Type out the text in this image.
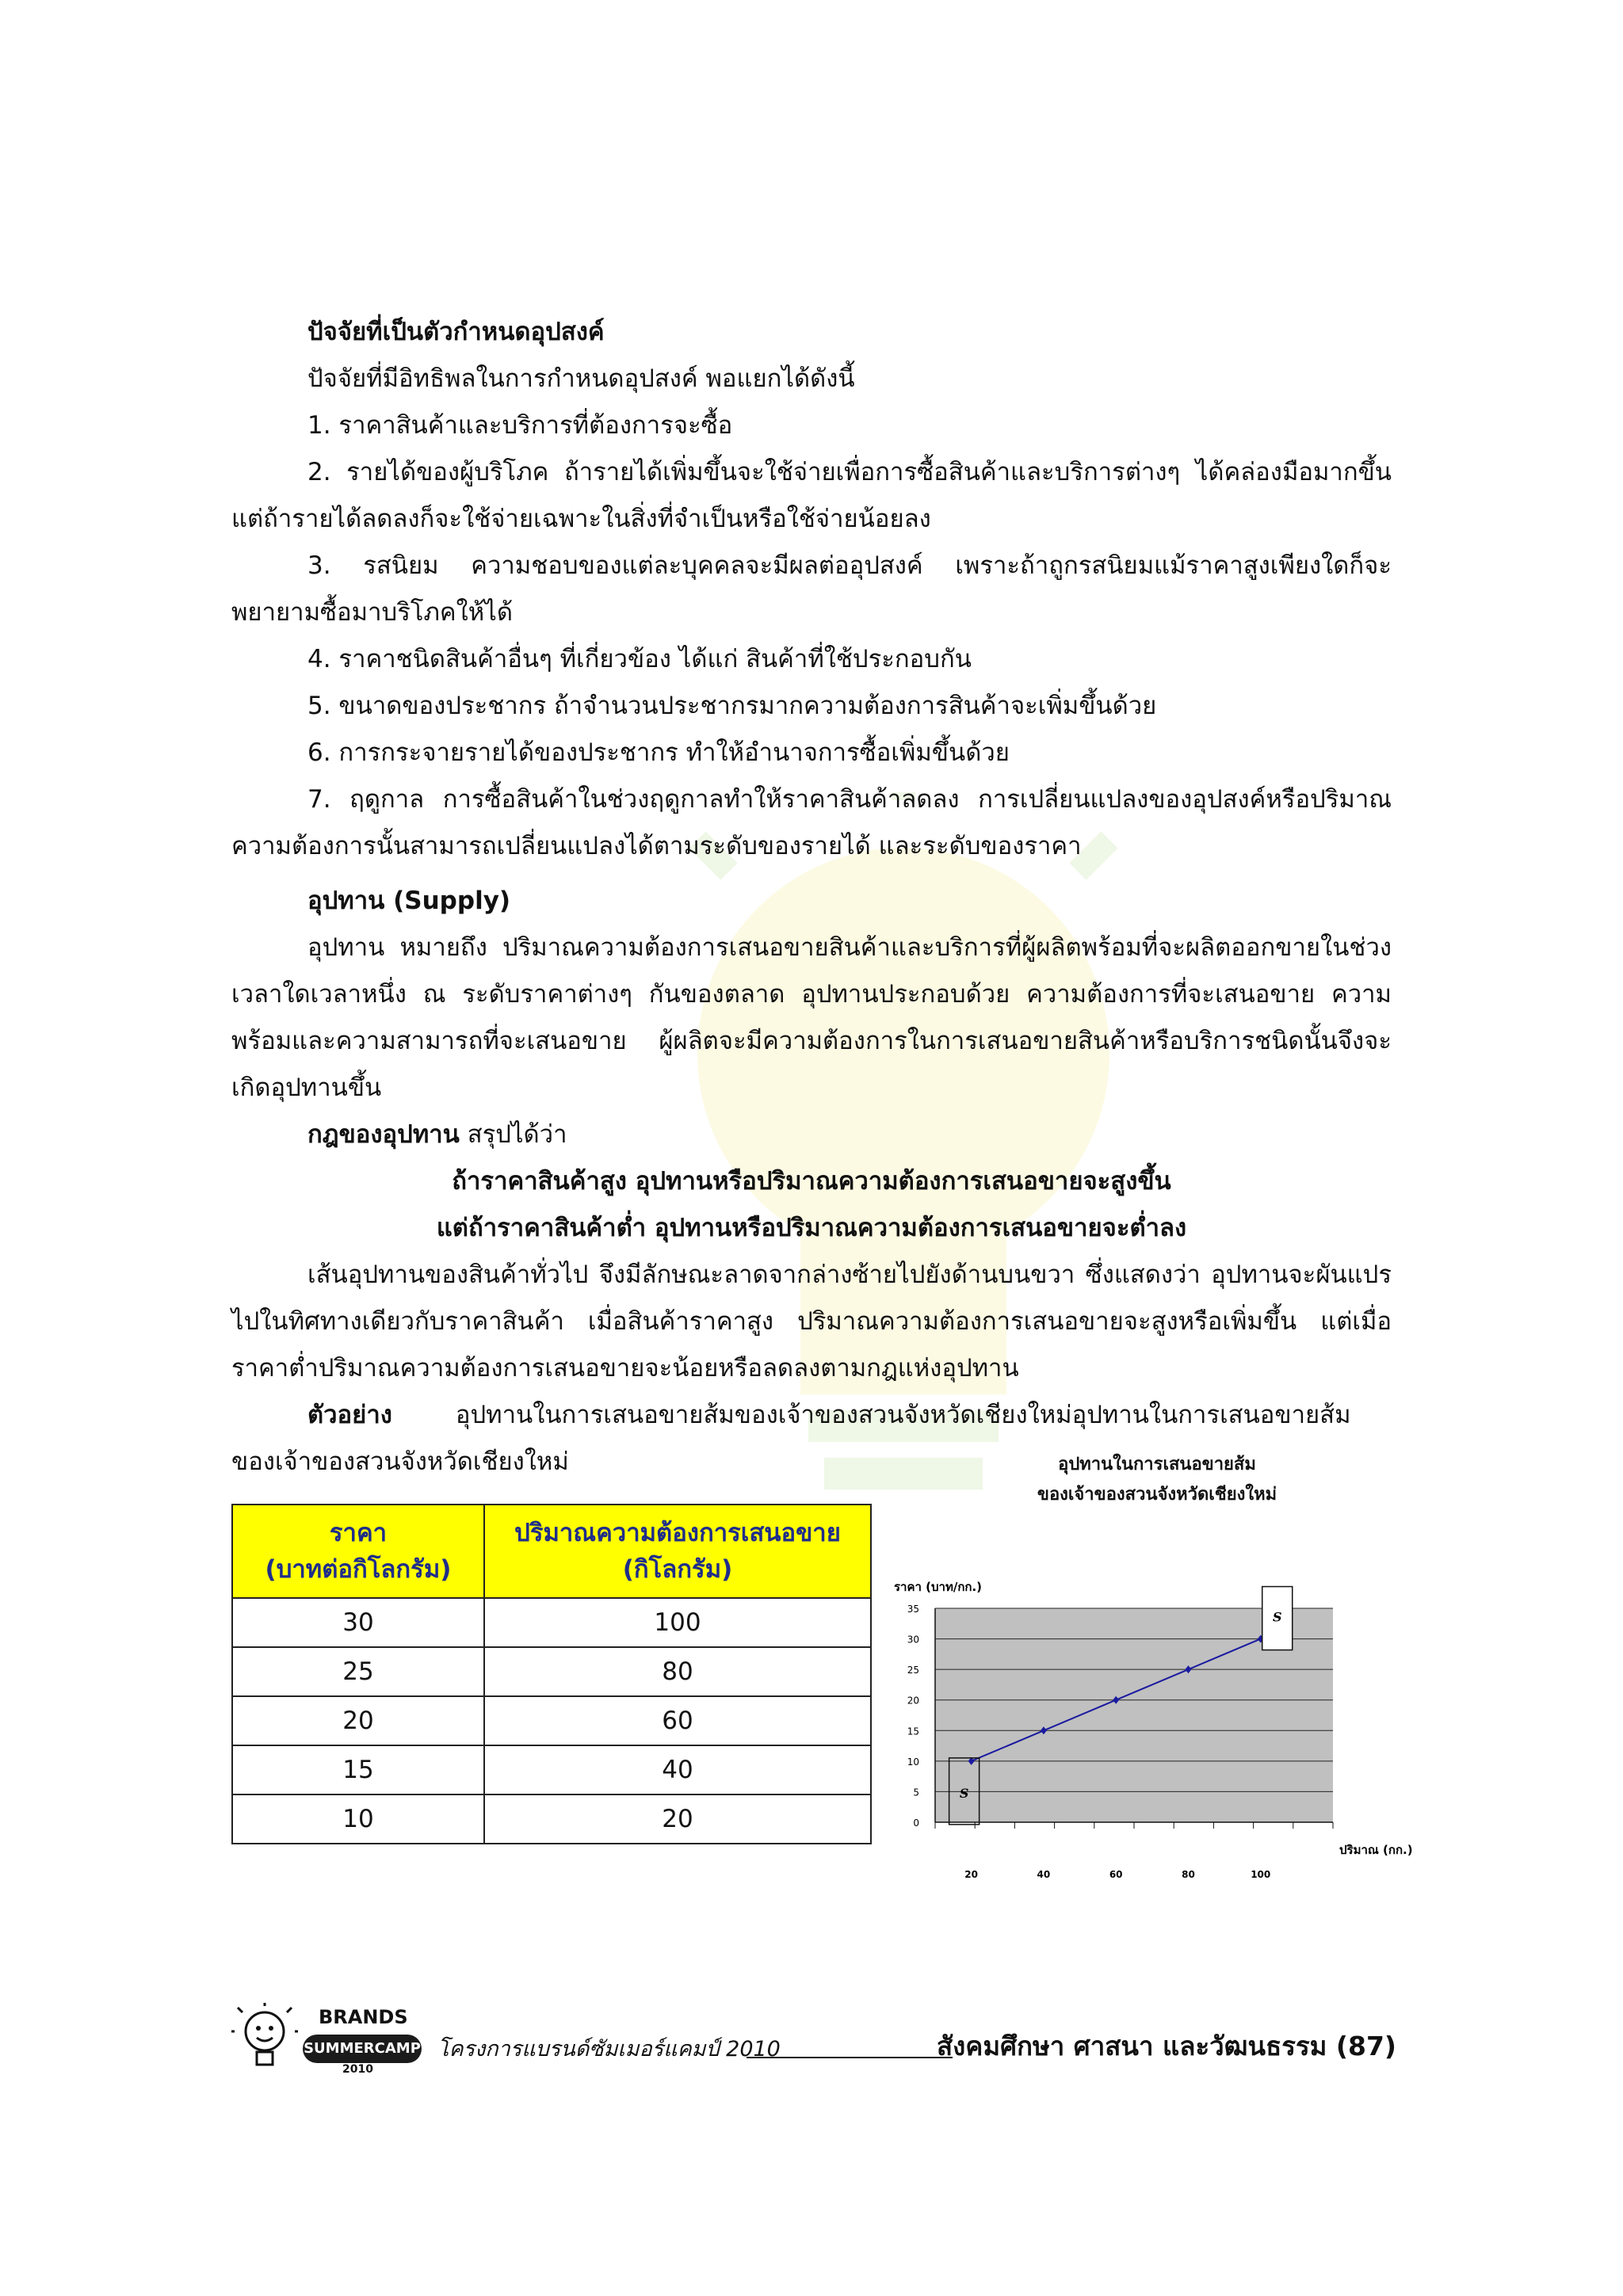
ปัจจัยที่เป็นตัวกำหนดอุปสงค์

ปัจจัยที่มีอิทธิพลในการกำหนดอุปสงค์ พอแยกได้ดังนี้

1. ราคาสินค้าและบริการที่ต้องการจะซื้อ

2. รายได้ของผู้บริโภค ถ้ารายได้เพิ่มขึ้นจะใช้จ่ายเพื่อการซื้อสินค้าและบริการต่างๆ ได้คล่องมือมากขึ้น แต่ถ้ารายได้ลดลงก็จะใช้จ่ายเฉพาะในสิ่งที่จำเป็นหรือใช้จ่ายน้อยลง

3. รสนิยม ความชอบของแต่ละบุคคลจะมีผลต่ออุปสงค์ เพราะถ้าถูกรสนิยมแม้ราคาสูงเพียงใดก็จะพยายามซื้อมาบริโภคให้ได้

4. ราคาชนิดสินค้าอื่นๆ ที่เกี่ยวข้อง ได้แก่ สินค้าที่ใช้ประกอบกัน

5. ขนาดของประชากร ถ้าจำนวนประชากรมากความต้องการสินค้าจะเพิ่มขึ้นด้วย

6. การกระจายรายได้ของประชากร ทำให้อำนาจการซื้อเพิ่มขึ้นด้วย

7. ฤดูกาล การซื้อสินค้าในช่วงฤดูกาลทำให้ราคาสินค้าลดลง การเปลี่ยนแปลงของอุปสงค์หรือปริมาณความต้องการนั้นสามารถเปลี่ยนแปลงได้ตามระดับของรายได้ และระดับของราคา

อุปทาน (Supply)

อุปทาน หมายถึง ปริมาณความต้องการเสนอขายสินค้าและบริการที่ผู้ผลิตพร้อมที่จะผลิตออกขายในช่วงเวลาใดเวลาหนึ่ง ณ ระดับราคาต่างๆ กันของตลาด อุปทานประกอบด้วย ความต้องการที่จะเสนอขาย ความพร้อมและความสามารถที่จะเสนอขาย ผู้ผลิตจะมีความต้องการในการเสนอขายสินค้าหรือบริการชนิดนั้นจึงจะเกิดอุปทานขึ้น

กฎของอุปทาน สรุปได้ว่า

ถ้าราคาสินค้าสูง อุปทานหรือปริมาณความต้องการเสนอขายจะสูงขึ้น

แต่ถ้าราคาสินค้าต่ำ อุปทานหรือปริมาณความต้องการเสนอขายจะต่ำลง

เส้นอุปทานของสินค้าทั่วไป จึงมีลักษณะลาดจากล่างซ้ายไปยังด้านบนขวา ซึ่งแสดงว่า อุปทานจะผันแปรไปในทิศทางเดียวกับราคาสินค้า เมื่อสินค้าราคาสูง ปริมาณความต้องการเสนอขายจะสูงหรือเพิ่มขึ้น แต่เมื่อราคาต่ำปริมาณความต้องการเสนอขายจะน้อยหรือลดลงตามกฎแห่งอุปทาน

ตัวอย่าง	อุปทานในการเสนอขายส้มของเจ้าของสวนจังหวัดเชียงใหม่อุปทานในการเสนอขายส้มของเจ้าของสวนจังหวัดเชียงใหม่

ราคา
(บาทต่อกิโลกรัม)	ปริมาณความต้องการเสนอขาย
(กิโลกรัม)
30	100
25	80
20	60
15	40
10	20
อุปทานในการเสนอขายส้ม
ของเจ้าของสวนจังหวัดเชียงใหม่
ราคา (บาท/กก.)
0
5
10
15
20
25
30
35
20	40	60	80	100
ปริมาณ (กก.)
S
S
BRANDS
SUMMERCAMP
2010
โครงการแบรนด์ซัมเมอร์แคมป์ 2010	สังคมศึกษา ศาสนา และวัฒนธรรม (87)
